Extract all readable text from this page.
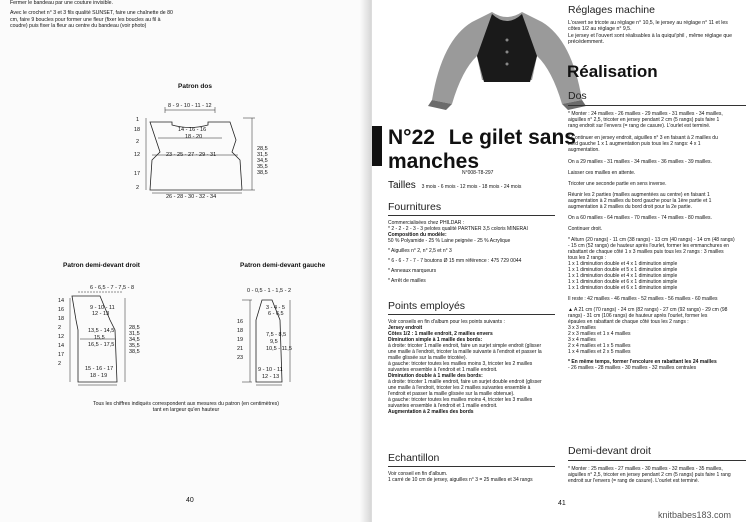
Fermer le bandeau par une couture invisible.
Avec le crochet n° 3 et 3 fils qualité SUNSET, faire une chaînette de 80
cm, faire 9 boucles pour former une fleur (fixer les boucles au fil à
coudre) puis fixer la fleur au centre du bandeau (voir photo)
Patron dos
8 - 9 - 10 - 11 - 12
1
18
2
12
17
2
14 - 16 - 16
18 - 20
23 - 25 - 27 - 29 - 31
28,5
31,5
34,5
35,5
38,5
26 - 28 - 30 - 32 - 34
Patron demi-devant droit
6 - 6,5 - 7 - 7,5 - 8
9 - 10 - 11
12 - 13
13,5 - 14,5
15,5
16,5 - 17,5
14
16
18
2
12
14
17
2
28,5
31,5
34,5
35,5
38,5
15 - 16 - 17
18 - 19
Patron demi-devant gauche
0 - 0,5 - 1 - 1,5 - 2
3 - 4 - 5
6 - 6,5
7,5 - 8,5
9,5
10,5 - 11,5
16
18
19
21
23
9 - 10 - 11
12 - 13
Tous les chiffres indiqués correspondent aux mesures du patron (en centimètres)
tant en largeur qu'en hauteur
40
Réglages machine
L'ouvert se tricote au réglage n° 10,5, le jersey au réglage n° 11 et les
côtes 1/2 au réglage n° 9,5.
Le jersey et l'ouvert sont réalisables à la quiqui'phil , même réglage que
précédemment.
Réalisation
Dos
* Monter : 24 mailles - 26 mailles - 29 mailles - 31 mailles - 34 mailles,
aiguilles n° 2,5, tricoter en jersey pendant 2 cm (5 rangs) puis faire 1
rang endroit sur l'envers (= rang de casure). L'ourlet est terminé.
* Continuer en jersey endroit, aiguilles n° 3 en faisant à 2 mailles du
bord gauche 1 x 1 augmentation puis tous les 2 rangs: 4 x 1
augmentation.
On a 29 mailles - 31 mailles - 34 mailles - 36 mailles - 39 mailles.
Laisser ces mailles en attente.
Tricoter une seconde partie en sens inverse.
Réunir les 2 parties (mailles augmentées au centre) en faisant 1
augmentation à 2 mailles du bord gauche pour la 1ère partie et 1
augmentation à 2 mailles du bord droit pour la 2e partie.
On a 60 mailles - 64 mailles - 70 mailles - 74 mailles - 80 mailles.
Continuer droit.
* Alturn (20 rangs) - 11 cm (38 rangs) - 13 cm (40 rangs) - 14 cm (48 rangs)
- 15 cm (52 rangs) de hauteur après l'ourlet, former les emmanchures en
rabattant de chaque côté 1 x 3 mailles puis tous les 2 rangs : 3 mailles
tous les 2 rangs :
1 x 1 diminution double et 4 x 1 diminution simple
1 x 1 diminution double et 5 x 1 diminution simple
1 x 1 diminution double et 4 x 1 diminution simple
1 x 1 diminution double et 6 x 1 diminution simple
1 x 1 diminution double et 6 x 1 diminution simple
Il reste : 42 mailles - 46 mailles - 52 mailles - 56 mailles - 60 mailles
▲ A 21 cm (70 rangs) - 24 cm (82 rangs) - 27 cm (92 rangs) - 29 cm (98
rangs) - 31 cm (106 rangs) de hauteur après l'ourlet, former les
épaules en rabattant de chaque côté tous les 2 rangs :
3 x 3 mailles
2 x 3 mailles et 1 x 4 mailles
3 x 4 mailles
2 x 4 mailles et 1 x 5 mailles
1 x 4 mailles et 2 x 5 mailles
* En même temps, former l'encolure en rabattant les 24 mailles
- 26 mailles - 28 mailles - 30 mailles - 32 mailles centrales
Demi-devant droit
* Monter : 25 mailles - 27 mailles - 30 mailles - 32 mailles - 35 mailles,
aiguilles n° 2,5, tricoter en jersey pendant 2 cm (5 rangs) puis faire 1 rang
endroit sur l'envers (= rang de casure). L'ourlet est terminé.
N°22 Le gilet sans
manches
N°008-T8-297
Tailles 3 mois - 6 mois - 12 mois - 18 mois - 24 mois
Fournitures
Commercialisées chez PHILDAR :
* 2 - 2 - 2 - 3 - 3 pelotes qualité PARTNER 3,5 coloris MINERAI
Composition du modèle:
50 % Polyamide - 25 % Laine peignée - 25 % Acrylique
* Aiguilles n° 2, n° 2,5 et n° 3
* 6 - 6 - 7 - 7 - 7 boutons Ø 15 mm référence : 475 729 0044
* Anneaux marqueurs
* Arrêt de mailles
Points employés
Voir conseils en fin d'album pour les points suivants :
Jersey endroit
Côtes 1/2 : 1 maille endroit, 2 mailles envers
Diminution simple à 1 maille des bords:
à droite: tricoter 1 maille endroit, faire un surjet simple endroit (glisser
une maille à l'endroit, tricoter la maille suivante à l'endroit et passer la
maille glissée sur la maille tricotée).
à gauche: tricoter toutes les mailles moins 3, tricoter les 2 mailles
suivantes ensemble à l'endroit et 1 maille endroit.
Diminution double à 1 maille des bords:
à droite: tricoter 1 maille endroit, faire un surjet double endroit (glisser
une maille à l'endroit, tricoter les 2 mailles suivantes ensemble à
l'endroit et passer la maille glissée sur la maille obtenue).
à gauche: tricoter toutes les mailles moins 4, tricoter les 3 mailles
suivantes ensemble à l'endroit et 1 maille endroit.
Augmentation à 2 mailles des bords
Echantillon
Voir conseil en fin d'album.
1 carré de 10 cm de jersey, aiguilles n° 3 = 25 mailles et 34 rangs
41
knitbabes183.com
